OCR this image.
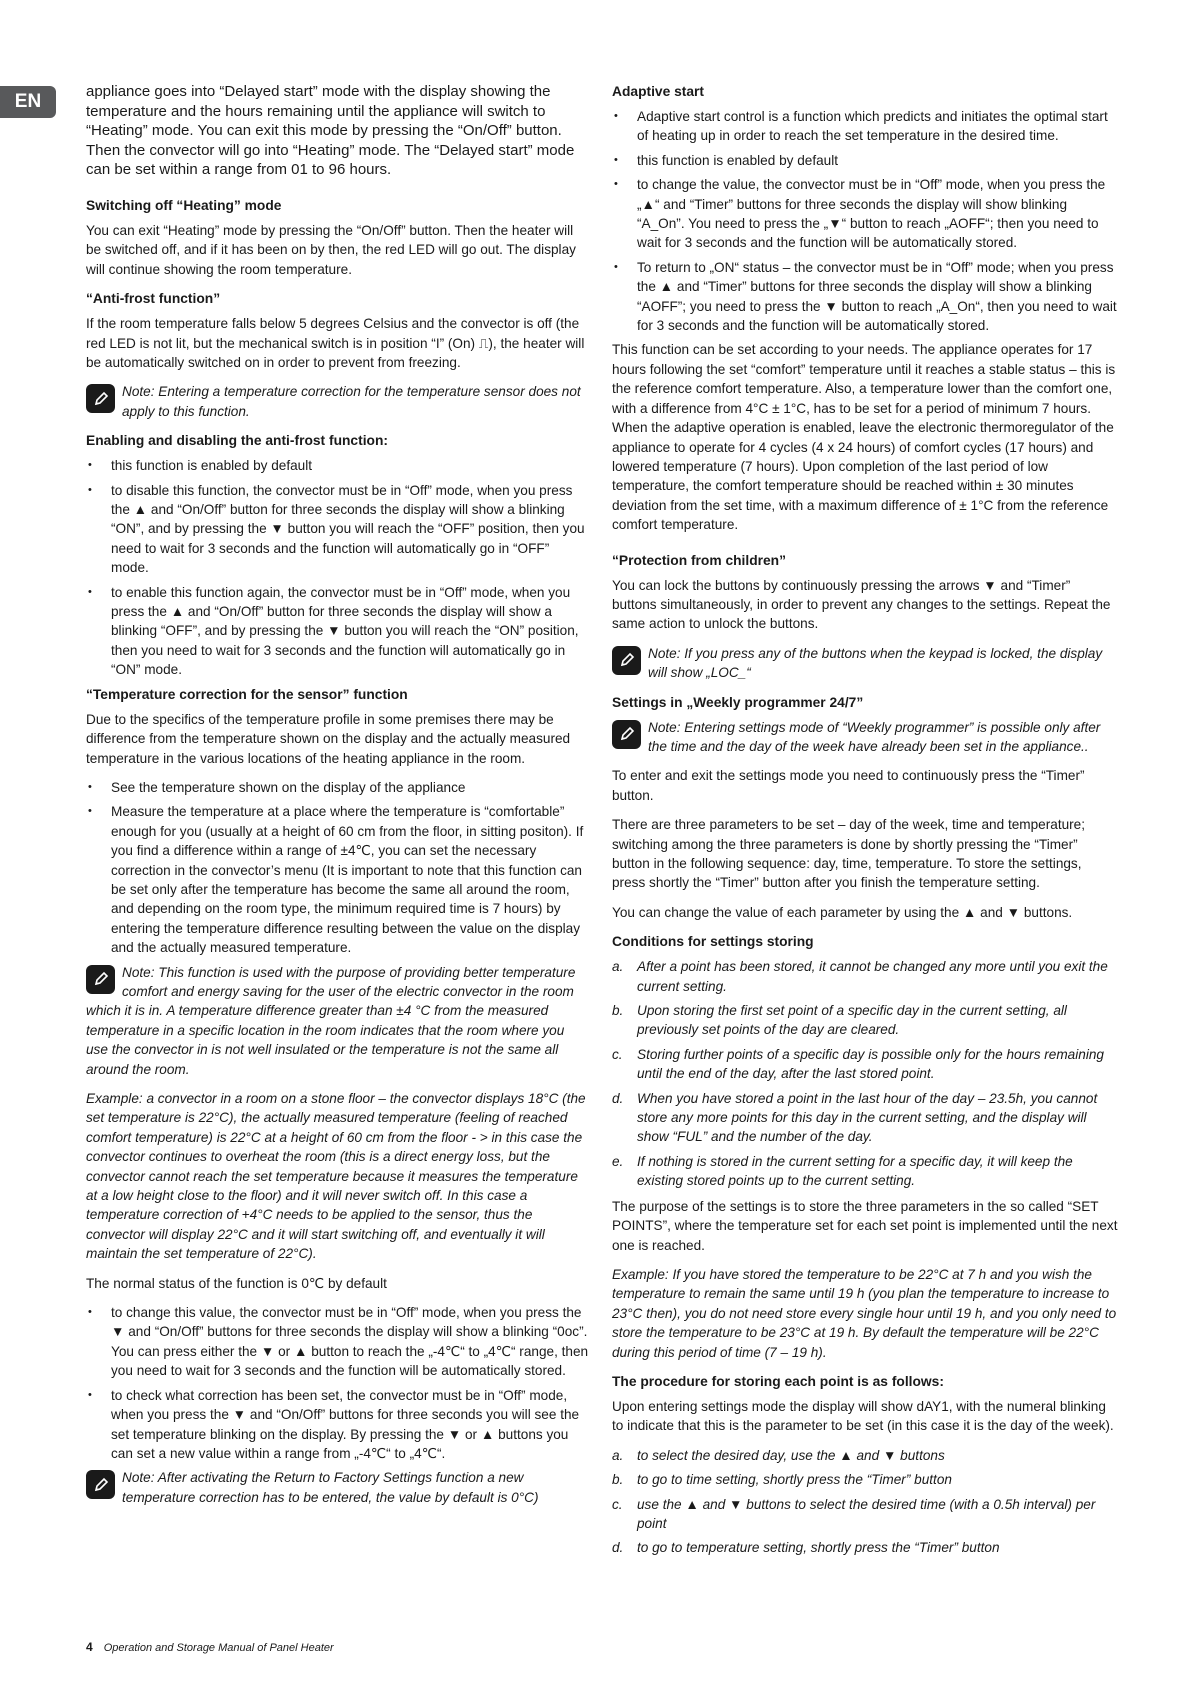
EN	appliance goes into “Delayed start” mode with the display showing the temperature and the hours remaining until the appliance will switch to “Heating” mode. You can exit this mode by pressing the “On/Off” button. Then the convector will go into “Heating” mode. The “Delayed start” mode can be set within a range from 01 to 96 hours.

Switching off “Heating” mode

You can exit “Heating” mode by pressing the “On/Off” button. Then the heater will be switched off, and if it has been on by then, the red LED will go out. The display will continue showing the room temperature.

“Anti-frost function”

If the room temperature falls below 5 degrees Celsius and the convector is off (the red LED is not lit, but the mechanical switch is in position “I” (On) ⎍), the heater will be automatically switched on in order to prevent from freezing.

Note: Entering a temperature correction for the temperature sensor does not apply to this function.
Enabling and disabling the anti-frost function:
• this function is enabled by default
• to disable this function, the convector must be in “Off” mode, when you press the ▲ and “On/Off” button for three seconds the display will show a blinking “ON”, and by pressing the ▼ button you will reach the “OFF” position, then you need to wait for 3 seconds and the function will automatically go in “OFF” mode.
• to enable this function again, the convector must be in “Off” mode, when you press the ▲ and “On/Off” button for three seconds the display will show a blinking “OFF”, and by pressing the ▼ button you will reach the “ON” position, then you need to wait for 3 seconds and the function will automatically go in “ON” mode.
“Temperature correction for the sensor” function

Due to the specifics of the temperature profile in some premises there may be difference from the temperature shown on the display and the actually measured temperature in the various locations of the heating appliance in the room.

• See the temperature shown on the display of the appliance
• Measure the temperature at a place where the temperature is “comfortable” enough for you (usually at a height of 60 cm from the floor, in sitting positon). If you find a difference within a range of ±4℃, you can set the necessary correction in the convector’s menu (It is important to note that this function can be set only after the temperature has become the same all around the room, and depending on the room type, the minimum required time is 7 hours) by entering the temperature difference resulting between the value on the display and the actually measured temperature.
Note: This function is used with the purpose of providing better temperature comfort and energy saving for the user of the electric convector in the room which it is in. A temperature difference greater than ±4 °C from the measured temperature in a specific location in the room indicates that the room where you use the convector in is not well insulated or the temperature is not the same all around the room.

Example: a convector in a room on a stone floor – the convector displays 18°C (the set temperature is 22°C), the actually measured temperature (feeling of reached comfort temperature) is 22°C at a height of 60 cm from the floor - > in this case the convector continues to overheat the room (this is a direct energy loss, but the convector cannot reach the set temperature because it measures the temperature at a low height close to the floor) and it will never switch off. In this case a temperature correction of +4°C needs to be applied to the sensor, thus the convector will display 22°C and it will start switching off, and eventually it will maintain the set temperature of 22°C).

The normal status of the function is 0℃ by default

• to change this value, the convector must be in “Off” mode, when you press the ▼ and “On/Off” buttons for three seconds the display will show a blinking “0oc”. You can press either the ▼ or ▲ button to reach the „-4℃“ to „4℃“ range, then you need to wait for 3 seconds and the function will be automatically stored.
• to check what correction has been set, the convector must be in “Off” mode, when you press the ▼ and “On/Off” buttons for three seconds you will see the set temperature blinking on the display. By pressing the ▼ or ▲ buttons you can set a new value within a range from „-4℃“ to „4℃“.
Note: After activating the Return to Factory Settings function a new temperature correction has to be entered, the value by default is 0°C)
Adaptive start
• Adaptive start control is a function which predicts and initiates the optimal start of heating up in order to reach the set temperature in the desired time.
• this function is enabled by default
• to change the value, the convector must be in “Off” mode, when you press the „▲“ and “Timer” buttons for three seconds the display will show blinking “A_On”. You need to press the „▼“ button to reach „AOFF“; then you need to wait for 3 seconds and the function will be automatically stored.
• To return to „ON“ status – the convector must be in “Off” mode; when you press the ▲ and “Timer” buttons for three seconds the display will show a blinking “AOFF”; you need to press the ▼ button to reach „A_On“, then you need to wait for 3 seconds and the function will be automatically stored.

This function can be set according to your needs. The appliance operates for 17 hours following the set “comfort” temperature until it reaches a stable status – this is the reference comfort temperature. Also, a temperature lower than the comfort one, with a difference from 4°C ± 1°C, has to be set for a period of minimum 7 hours. When the adaptive operation is enabled, leave the electronic thermoregulator of the appliance to operate for 4 cycles (4 x 24 hours) of comfort cycles (17 hours) and lowered temperature (7 hours). Upon completion of the last period of low temperature, the comfort temperature should be reached within ± 30 minutes deviation from the set time, with a maximum difference of ± 1°C from the reference comfort temperature.

“Protection from children”

You can lock the buttons by continuously pressing the arrows ▼ and “Timer” buttons simultaneously, in order to prevent any changes to the settings. Repeat the same action to unlock the buttons.

Note: If you press any of the buttons when the keypad is locked, the display will show „LOC_“
Settings in „Weekly programmer 24/7”
Note: Entering settings mode of “Weekly programmer” is possible only after the time and the day of the week have already been set in the appliance..

To enter and exit the settings mode you need to continuously press the “Timer” button.

There are three parameters to be set – day of the week, time and temperature; switching among the three parameters is done by shortly pressing the “Timer” button in the following sequence: day, time, temperature. To store the settings, press shortly the “Timer” button after you finish the temperature setting.

You can change the value of each parameter by using the ▲ and ▼ buttons.

Conditions for settings storing
a. After a point has been stored, it cannot be changed any more until you exit the current setting.
b. Upon storing the first set point of a specific day in the current setting, all previously set points of the day are cleared.
c. Storing further points of a specific day is possible only for the hours remaining until the end of the day, after the last stored point.
d. When you have stored a point in the last hour of the day – 23.5h, you cannot store any more points for this day in the current setting, and the display will show “FUL” and the number of the day.
e. If nothing is stored in the current setting for a specific day, it will keep the existing stored points up to the current setting.

The purpose of the settings is to store the three parameters in the so called “SET POINTS”, where the temperature set for each set point is implemented until the next one is reached.

Example: If you have stored the temperature to be 22°C at 7 h and you wish the temperature to remain the same until 19 h (you plan the temperature to increase to 23°C then), you do not need store every single hour until 19 h, and you only need to store the temperature to be 23°C at 19 h. By default the temperature will be 22°C during this period of time (7 – 19 h).

The procedure for storing each point is as follows:

Upon entering settings mode the display will show dAY1, with the numeral blinking to indicate that this is the parameter to be set (in this case it is the day of the week).

a. to select the desired day, use the ▲ and ▼ buttons
b. to go to time setting, shortly press the “Timer” button
c. use the ▲ and ▼ buttons to select the desired time (with a 0.5h interval) per point
d. to go to temperature setting, shortly press the “Timer” button
4 Operation and Storage Manual of Panel Heater
